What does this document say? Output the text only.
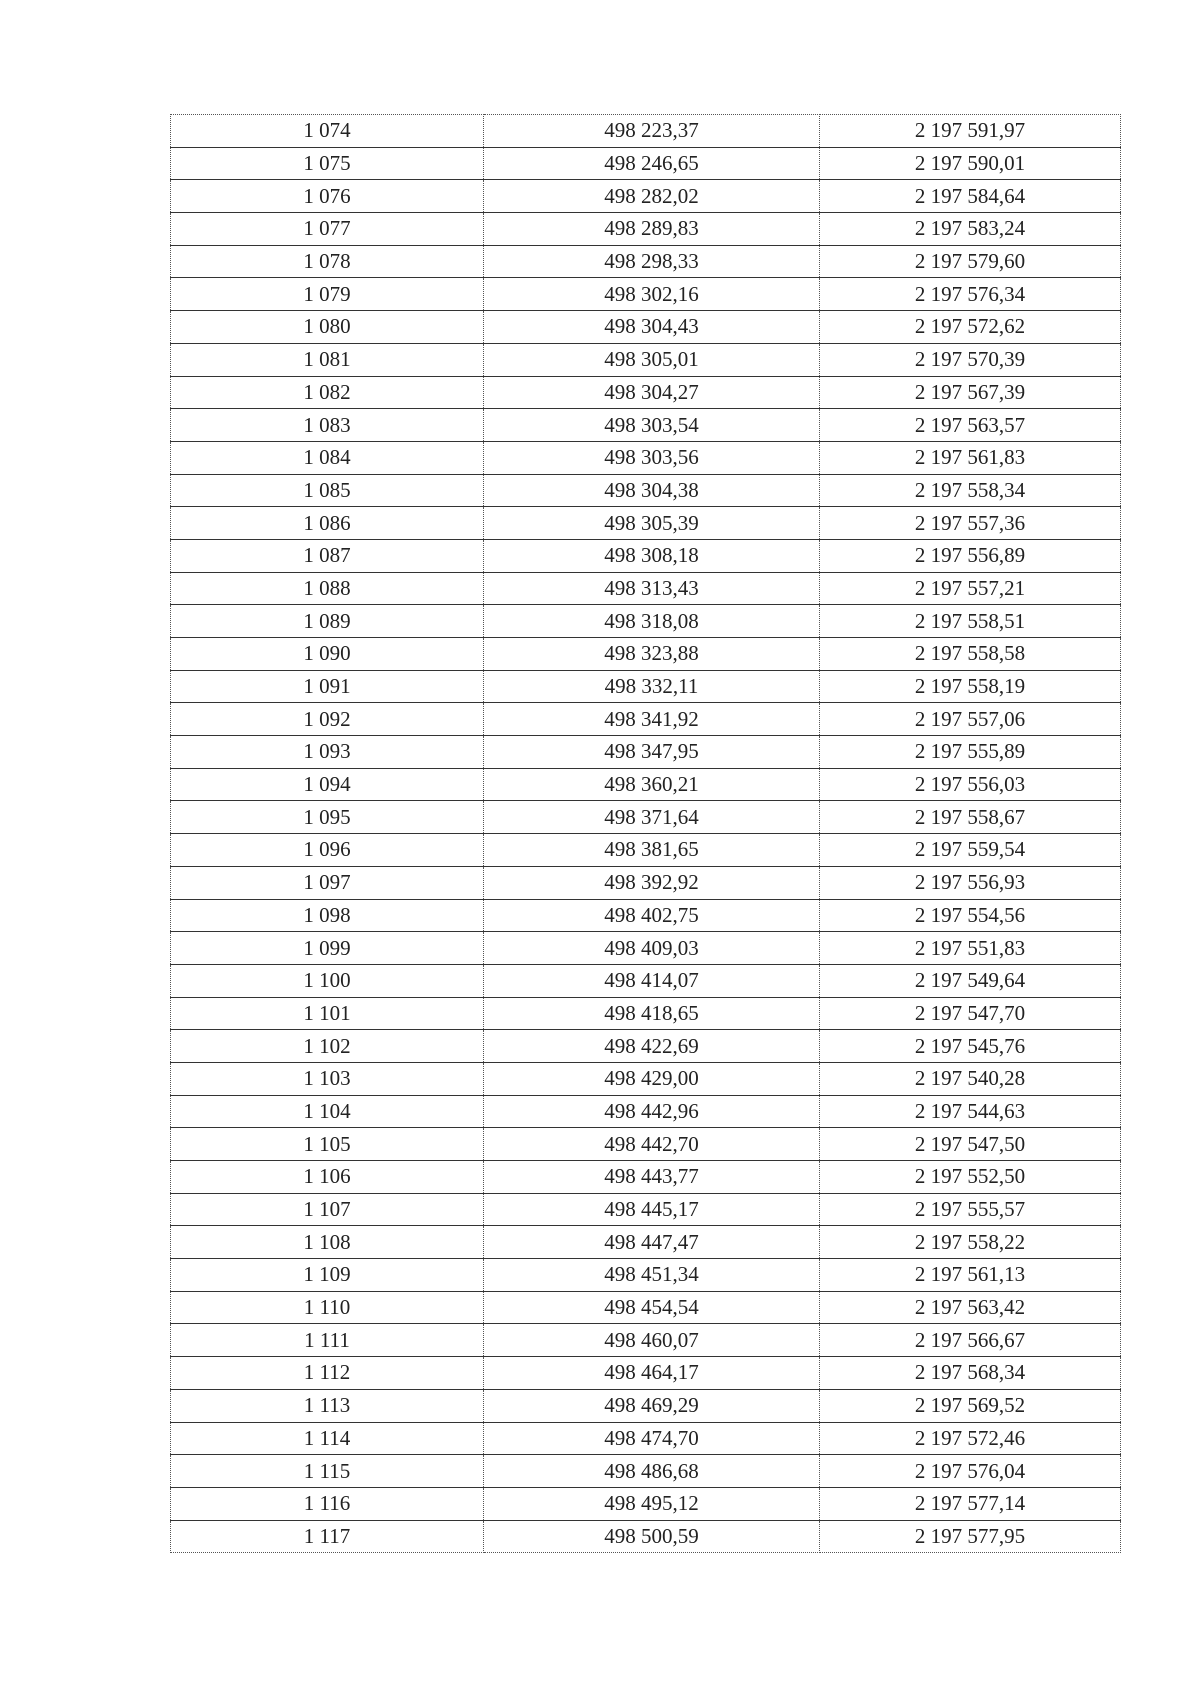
1 074	498 223,37	2 197 591,97
1 075	498 246,65	2 197 590,01
1 076	498 282,02	2 197 584,64
1 077	498 289,83	2 197 583,24
1 078	498 298,33	2 197 579,60
1 079	498 302,16	2 197 576,34
1 080	498 304,43	2 197 572,62
1 081	498 305,01	2 197 570,39
1 082	498 304,27	2 197 567,39
1 083	498 303,54	2 197 563,57
1 084	498 303,56	2 197 561,83
1 085	498 304,38	2 197 558,34
1 086	498 305,39	2 197 557,36
1 087	498 308,18	2 197 556,89
1 088	498 313,43	2 197 557,21
1 089	498 318,08	2 197 558,51
1 090	498 323,88	2 197 558,58
1 091	498 332,11	2 197 558,19
1 092	498 341,92	2 197 557,06
1 093	498 347,95	2 197 555,89
1 094	498 360,21	2 197 556,03
1 095	498 371,64	2 197 558,67
1 096	498 381,65	2 197 559,54
1 097	498 392,92	2 197 556,93
1 098	498 402,75	2 197 554,56
1 099	498 409,03	2 197 551,83
1 100	498 414,07	2 197 549,64
1 101	498 418,65	2 197 547,70
1 102	498 422,69	2 197 545,76
1 103	498 429,00	2 197 540,28
1 104	498 442,96	2 197 544,63
1 105	498 442,70	2 197 547,50
1 106	498 443,77	2 197 552,50
1 107	498 445,17	2 197 555,57
1 108	498 447,47	2 197 558,22
1 109	498 451,34	2 197 561,13
1 110	498 454,54	2 197 563,42
1 111	498 460,07	2 197 566,67
1 112	498 464,17	2 197 568,34
1 113	498 469,29	2 197 569,52
1 114	498 474,70	2 197 572,46
1 115	498 486,68	2 197 576,04
1 116	498 495,12	2 197 577,14
1 117	498 500,59	2 197 577,95
